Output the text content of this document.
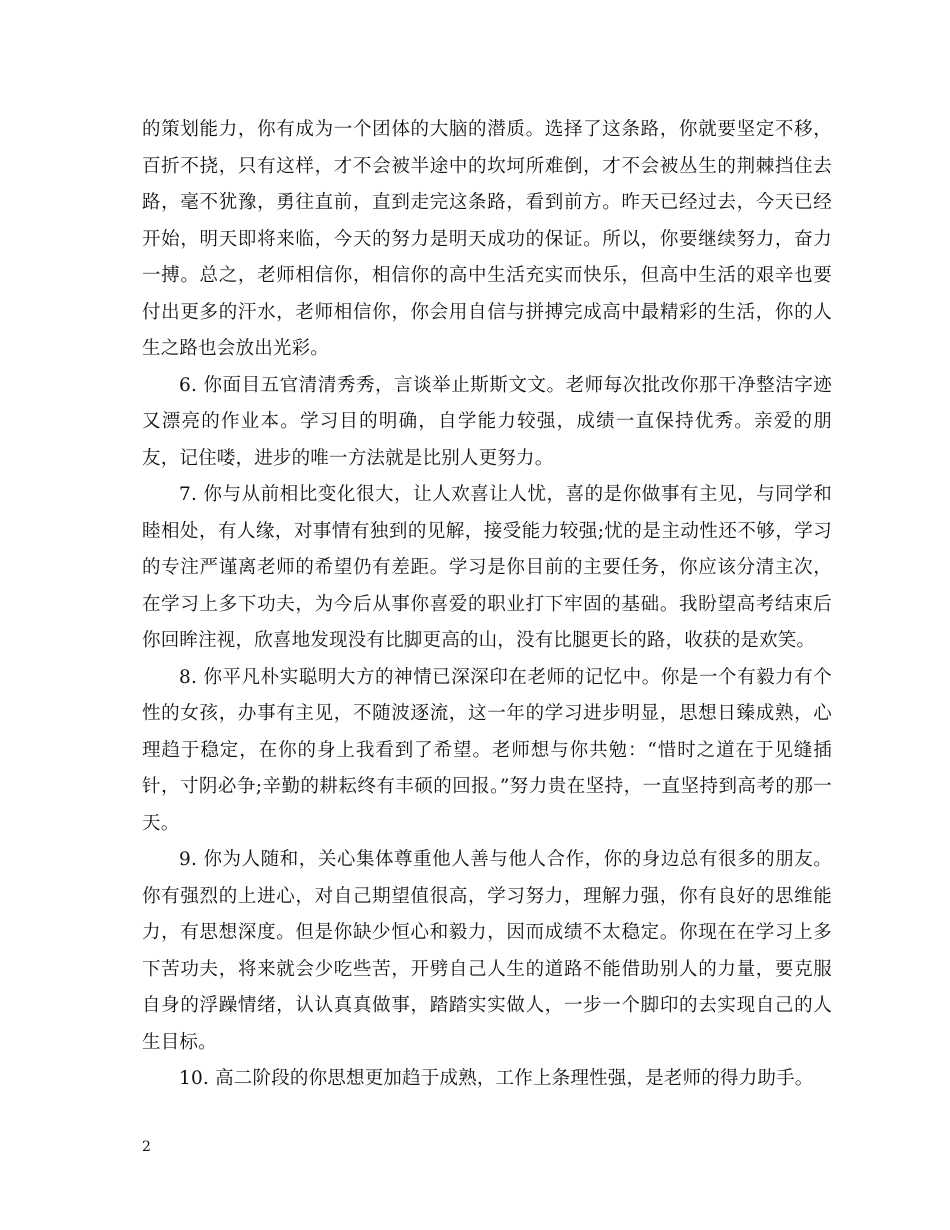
的策划能力，你有成为一个团体的大脑的潜质。选择了这条路，你就要坚定不移，百折不挠，只有这样，才不会被半途中的坎坷所难倒，才不会被丛生的荆棘挡住去路，毫不犹豫，勇往直前，直到走完这条路，看到前方。昨天已经过去，今天已经开始，明天即将来临，今天的努力是明天成功的保证。所以，你要继续努力，奋力一搏。总之，老师相信你，相信你的高中生活充实而快乐，但高中生活的艰辛也要付出更多的汗水，老师相信你，你会用自信与拼搏完成高中最精彩的生活，你的人生之路也会放出光彩。

6. 你面目五官清清秀秀，言谈举止斯斯文文。老师每次批改你那干净整洁字迹又漂亮的作业本。学习目的明确，自学能力较强，成绩一直保持优秀。亲爱的朋友，记住喽，进步的唯一方法就是比别人更努力。

7. 你与从前相比变化很大，让人欢喜让人忧，喜的是你做事有主见，与同学和睦相处，有人缘，对事情有独到的见解，接受能力较强;忧的是主动性还不够，学习的专注严谨离老师的希望仍有差距。学习是你目前的主要任务，你应该分清主次，在学习上多下功夫，为今后从事你喜爱的职业打下牢固的基础。我盼望高考结束后你回眸注视，欣喜地发现没有比脚更高的山，没有比腿更长的路，收获的是欢笑。

8. 你平凡朴实聪明大方的神情已深深印在老师的记忆中。你是一个有毅力有个性的女孩，办事有主见，不随波逐流，这一年的学习进步明显，思想日臻成熟，心理趋于稳定，在你的身上我看到了希望。老师想与你共勉：“惜时之道在于见缝插针，寸阴必争;辛勤的耕耘终有丰硕的回报。”努力贵在坚持，一直坚持到高考的那一天。

9. 你为人随和，关心集体尊重他人善与他人合作，你的身边总有很多的朋友。你有强烈的上进心，对自己期望值很高，学习努力，理解力强，你有良好的思维能力，有思想深度。但是你缺少恒心和毅力，因而成绩不太稳定。你现在在学习上多下苦功夫，将来就会少吃些苦，开劈自己人生的道路不能借助别人的力量，要克服自身的浮躁情绪，认认真真做事，踏踏实实做人，一步一个脚印的去实现自己的人生目标。

10. 高二阶段的你思想更加趋于成熟，工作上条理性强，是老师的得力助手。

2
